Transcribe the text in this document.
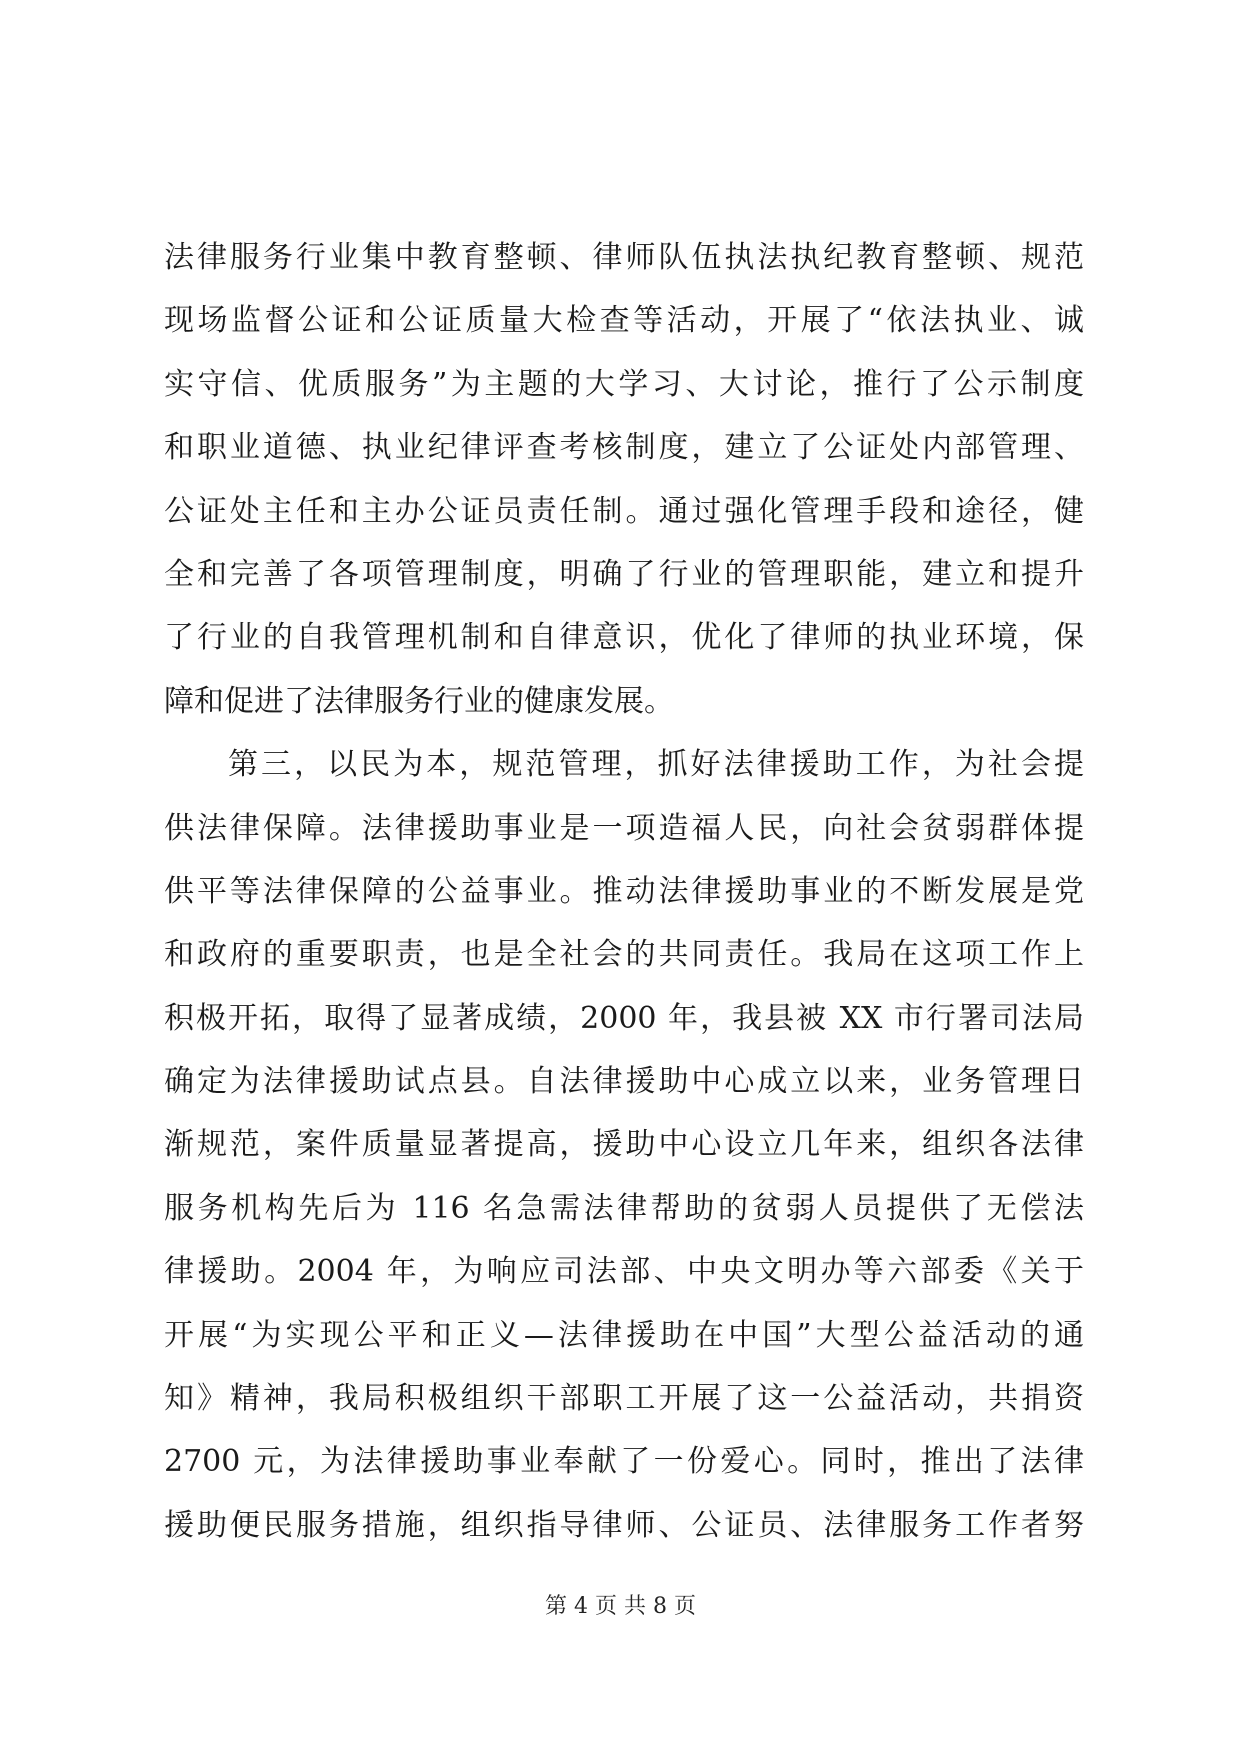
法律服务行业集中教育整顿、律师队伍执法执纪教育整顿、规范
现场监督公证和公证质量大检查等活动，开展了“依法执业、诚
实守信、优质服务”为主题的大学习、大讨论，推行了公示制度
和职业道德、执业纪律评查考核制度，建立了公证处内部管理、
公证处主任和主办公证员责任制。通过强化管理手段和途径，健
全和完善了各项管理制度，明确了行业的管理职能，建立和提升
了行业的自我管理机制和自律意识，优化了律师的执业环境，保
障和促进了法律服务行业的健康发展。
第三，以民为本，规范管理，抓好法律援助工作，为社会提
供法律保障。法律援助事业是一项造福人民，向社会贫弱群体提
供平等法律保障的公益事业。推动法律援助事业的不断发展是党
和政府的重要职责，也是全社会的共同责任。我局在这项工作上
积极开拓，取得了显著成绩，2000 年，我县被 XX 市行署司法局
确定为法律援助试点县。自法律援助中心成立以来，业务管理日
渐规范，案件质量显著提高，援助中心设立几年来，组织各法律
服务机构先后为 116 名急需法律帮助的贫弱人员提供了无偿法
律援助。2004 年，为响应司法部、中央文明办等六部委《关于
开展“为实现公平和正义—法律援助在中国”大型公益活动的通
知》精神，我局积极组织干部职工开展了这一公益活动，共捐资
2700 元，为法律援助事业奉献了一份爱心。同时，推出了法律
援助便民服务措施，组织指导律师、公证员、法律服务工作者努
第 4 页 共 8 页
